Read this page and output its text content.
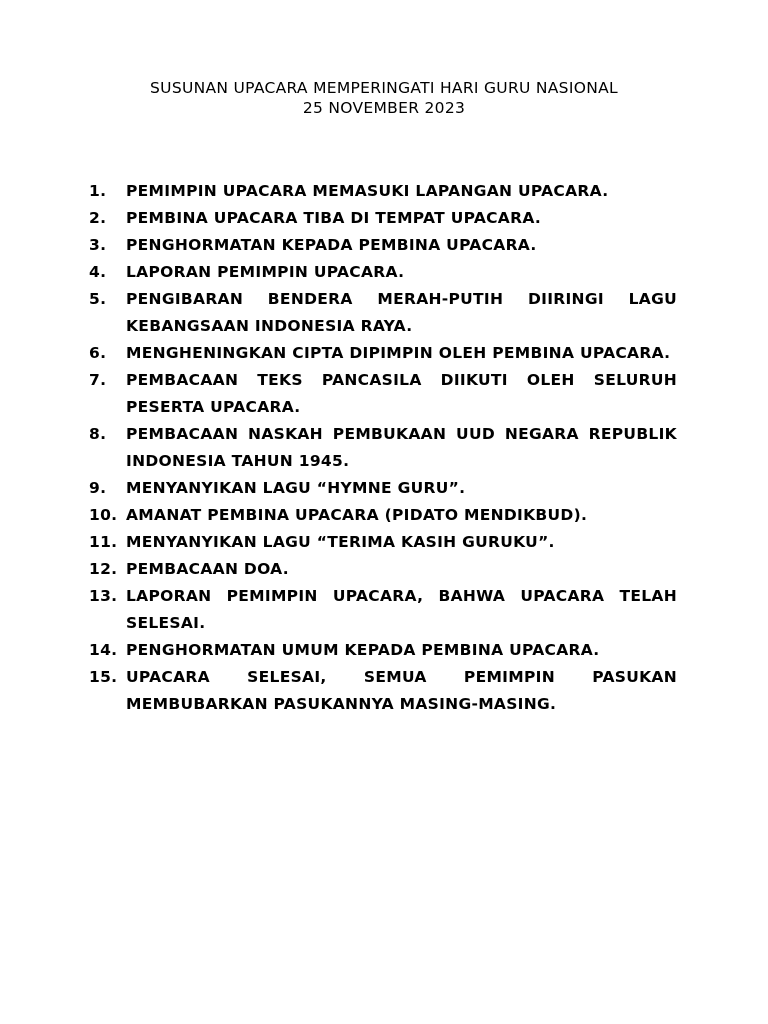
SUSUNAN UPACARA MEMPERINGATI HARI GURU NASIONAL
25 NOVEMBER 2023
1. PEMIMPIN UPACARA MEMASUKI LAPANGAN UPACARA.
2. PEMBINA UPACARA TIBA DI TEMPAT UPACARA.
3. PENGHORMATAN KEPADA PEMBINA UPACARA.
4. LAPORAN PEMIMPIN UPACARA.
5. PENGIBARAN BENDERA MERAH-PUTIH DIIRINGI LAGU KEBANGSAAN INDONESIA RAYA.
6. MENGHENINGKAN CIPTA DIPIMPIN OLEH PEMBINA UPACARA.
7. PEMBACAAN TEKS PANCASILA DIIKUTI OLEH SELURUH PESERTA UPACARA.
8. PEMBACAAN NASKAH PEMBUKAAN UUD NEGARA REPUBLIK INDONESIA TAHUN 1945.
9. MENYANYIKAN LAGU “HYMNE GURU”.
10. AMANAT PEMBINA UPACARA (PIDATO MENDIKBUD).
11. MENYANYIKAN LAGU “TERIMA KASIH GURUKU”.
12. PEMBACAAN DOA.
13. LAPORAN PEMIMPIN UPACARA, BAHWA UPACARA TELAH SELESAI.
14. PENGHORMATAN UMUM KEPADA PEMBINA UPACARA.
15. UPACARA SELESAI, SEMUA PEMIMPIN PASUKAN MEMBUBARKAN PASUKANNYA MASING-MASING.
